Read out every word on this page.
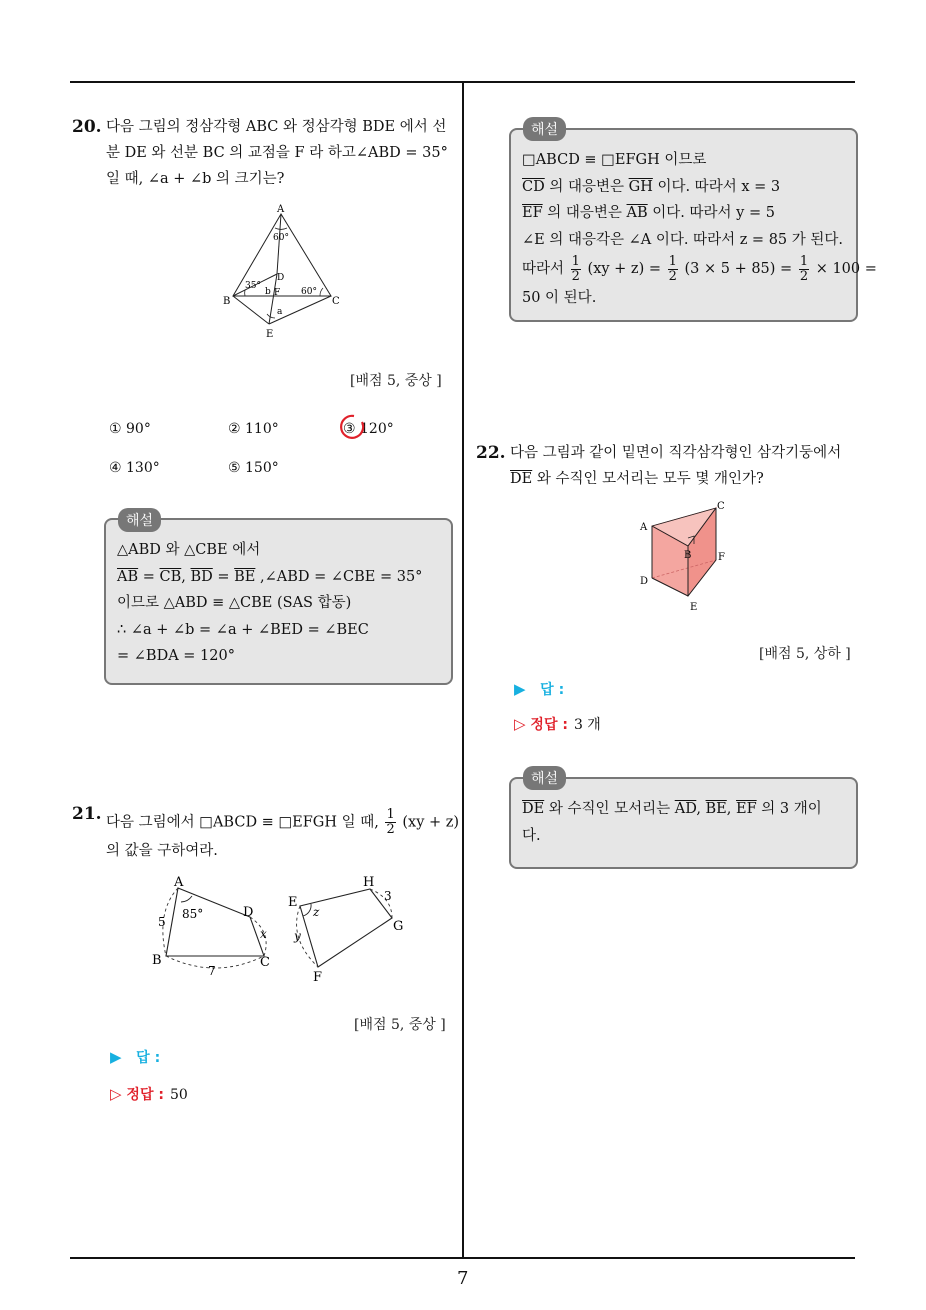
20. 다음 그림의 정삼각형 ABC 와 정삼각형 BDE 에서 선
분 DE 와 선분 BC 의 교점을 F 라 하고∠ABD = 35°
일 때, ∠a + ∠b 의 크기는?
A
B	C
D
E
F
60°
60°
35°
b
a
[배점 5, 중상 ]
① 90°	② 110°	③ 120°
④ 130°	⑤ 150°
△ABD 와 △CBE 에서
$\overline{AB} = \overline{CB}$, $\overline{BD} = \overline{BE}$ ,∠ABD = ∠CBE = 35°
이므로 △ABD ≡ △CBE (SAS 합동)
∴ ∠a + ∠b = ∠a + ∠BED = ∠BEC
= ∠BDA = 120°
해설
21. 다음 그림에서 □ABCD ≡ □EFGH 일 때, $\frac{1}{2} (xy + z)$
의 값을 구하여라.
A
B	C
D
85°
5
7
x
E
F
G
H
3
y
z
[배점 5, 중상 ]
▶ 답 :
▷ 정답 : 50
□ABCD ≡ □EFGH 이므로
$\overline{CD}$ 의 대응변은 $\overline{GH}$ 이다. 따라서 x = 3
$\overline{EF}$ 의 대응변은 $\overline{AB}$ 이다. 따라서 y = 5
∠E 의 대응각은 ∠A 이다. 따라서 z = 85 가 된다.
따라서 $\frac{1}{2} (xy + z) = \frac{1}{2} (3 \times 5 + 85) = \frac{1}{2} \times 100$ =
50 이 된다.
해설
22. 다음 그림과 같이 밑면이 직각삼각형인 삼각기둥에서
$\overline{DE}$ 와 수직인 모서리는 모두 몇 개인가?
A
B
C
D
E
F
[배점 5, 상하 ]
▶ 답 :
▷ 정답 : 3 개
$\overline{DE}$ 와 수직인 모서리는 $\overline{AD}$, $\overline{BE}$, $\overline{EF}$ 의 3 개이
다.
해설
7
